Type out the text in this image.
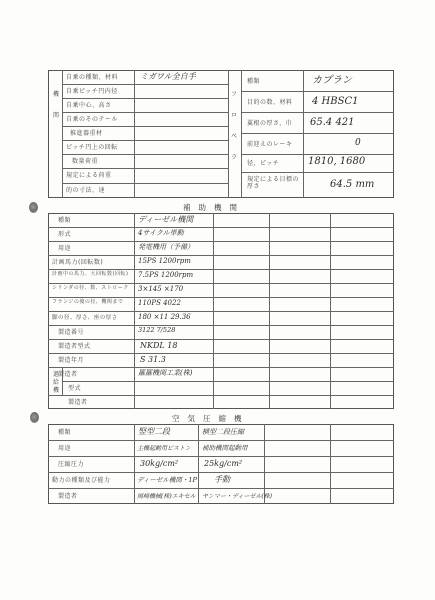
機関
フロペラ
自乗の種類、材料	ミガワル全自手
自乗ピッチ円内径
自乗中心、高さ
自乗のそのテール
推進器重材
ピッチ円上の回転
数量荷重
規定による荷重
的の寸法、速
種類	カプラン
目的の数、材料 4 HBSC1
翼根の厚さ、巾 65.4 421
前迎えのレーキ	0
径、ピッチ	1810, 1680
規定による目標の厚さ	64.5 mm
補助機関
過給機
種類	ディーゼル機関
形式	4サイクル単動
用途	発電機用（予備）
計画馬力(回転数)	15PS 1200rpm
計画中の馬力、大回転数(回転)	7.5PS 1200rpm
シリンダの径、数、ストローク	3×145 ×170
フランジの後の径、機関まで	110PS 4022
脚の径、厚さ、座の厚さ	180 ×11 29.36
製造番号	3122 7/528
製造者型式	NKDL 18
製造年月	S 31.3
製造者	羅羅機関工業(株)
型式
製造者
空気圧縮機
種類	竪型二段	横型二段圧縮
用途	主機起動用ピストン 補助機関起動用
圧縮圧力	30kg/cm²	25kg/cm²
動力の種類及び能力	ディーゼル機関・1P 手動
製造者	岡崎機械(株)エキセル ヤンマー・ディーゼル(株)
